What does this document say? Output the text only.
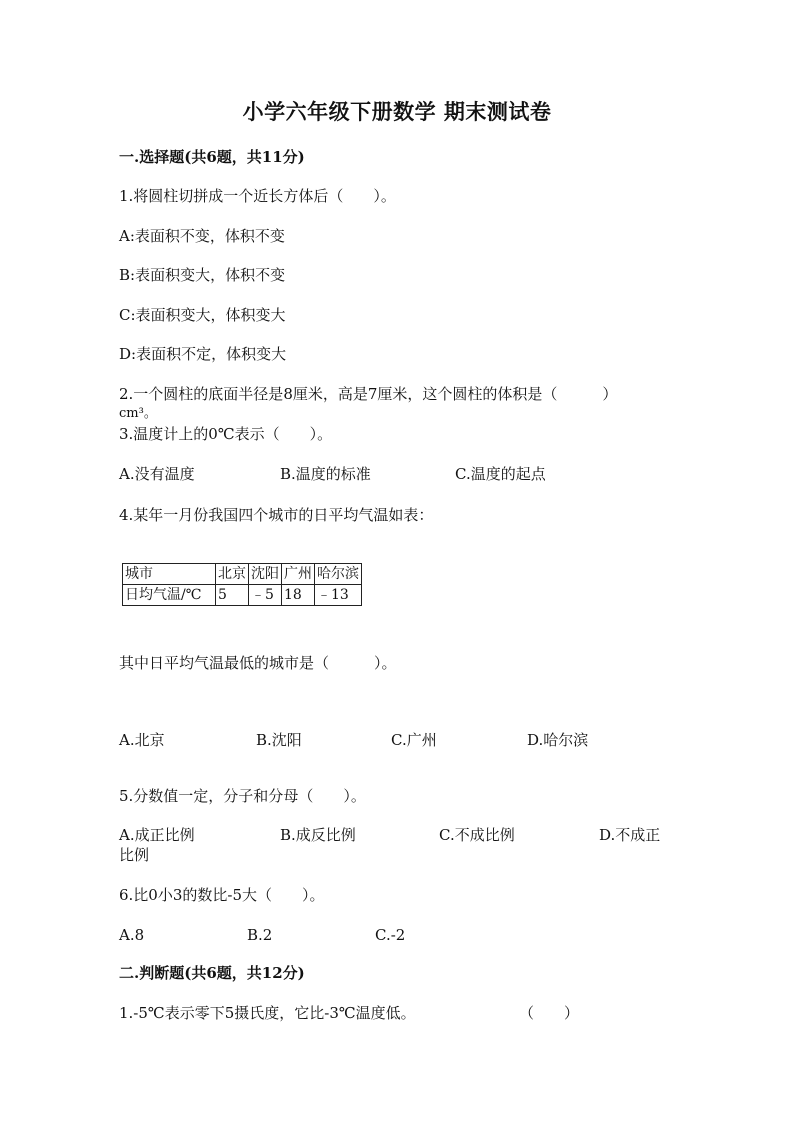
小学六年级下册数学 期末测试卷
一.选择题(共6题，共11分)
1.将圆柱切拼成一个近长方体后（　　）。
A:表面积不变，体积不变
B:表面积变大，体积不变
C:表面积变大，体积变大
D:表面积不定，体积变大
2.一个圆柱的底面半径是8厘米，高是7厘米，这个圆柱的体积是（　　　）
cm³。
3.温度计上的0℃表示（　　）。
A.没有温度	B.温度的标准	C.温度的起点
4.某年一月份我国四个城市的日平均气温如表：
城市	北京	沈阳	广州	哈尔滨
日均气温/℃	5	﹣5	18	﹣13
其中日平均气温最低的城市是（　　　）。
A.北京	B.沈阳	C.广州	D.哈尔滨
5.分数值一定，分子和分母（　　）。
A.成正比例	B.成反比例	C.不成比例	D.不成正
比例
6.比0小3的数比-5大（　　）。
A.8	B.2	C.-2
二.判断题(共6题，共12分)
1.-5℃表示零下5摄氏度，它比-3℃温度低。	（　　）
